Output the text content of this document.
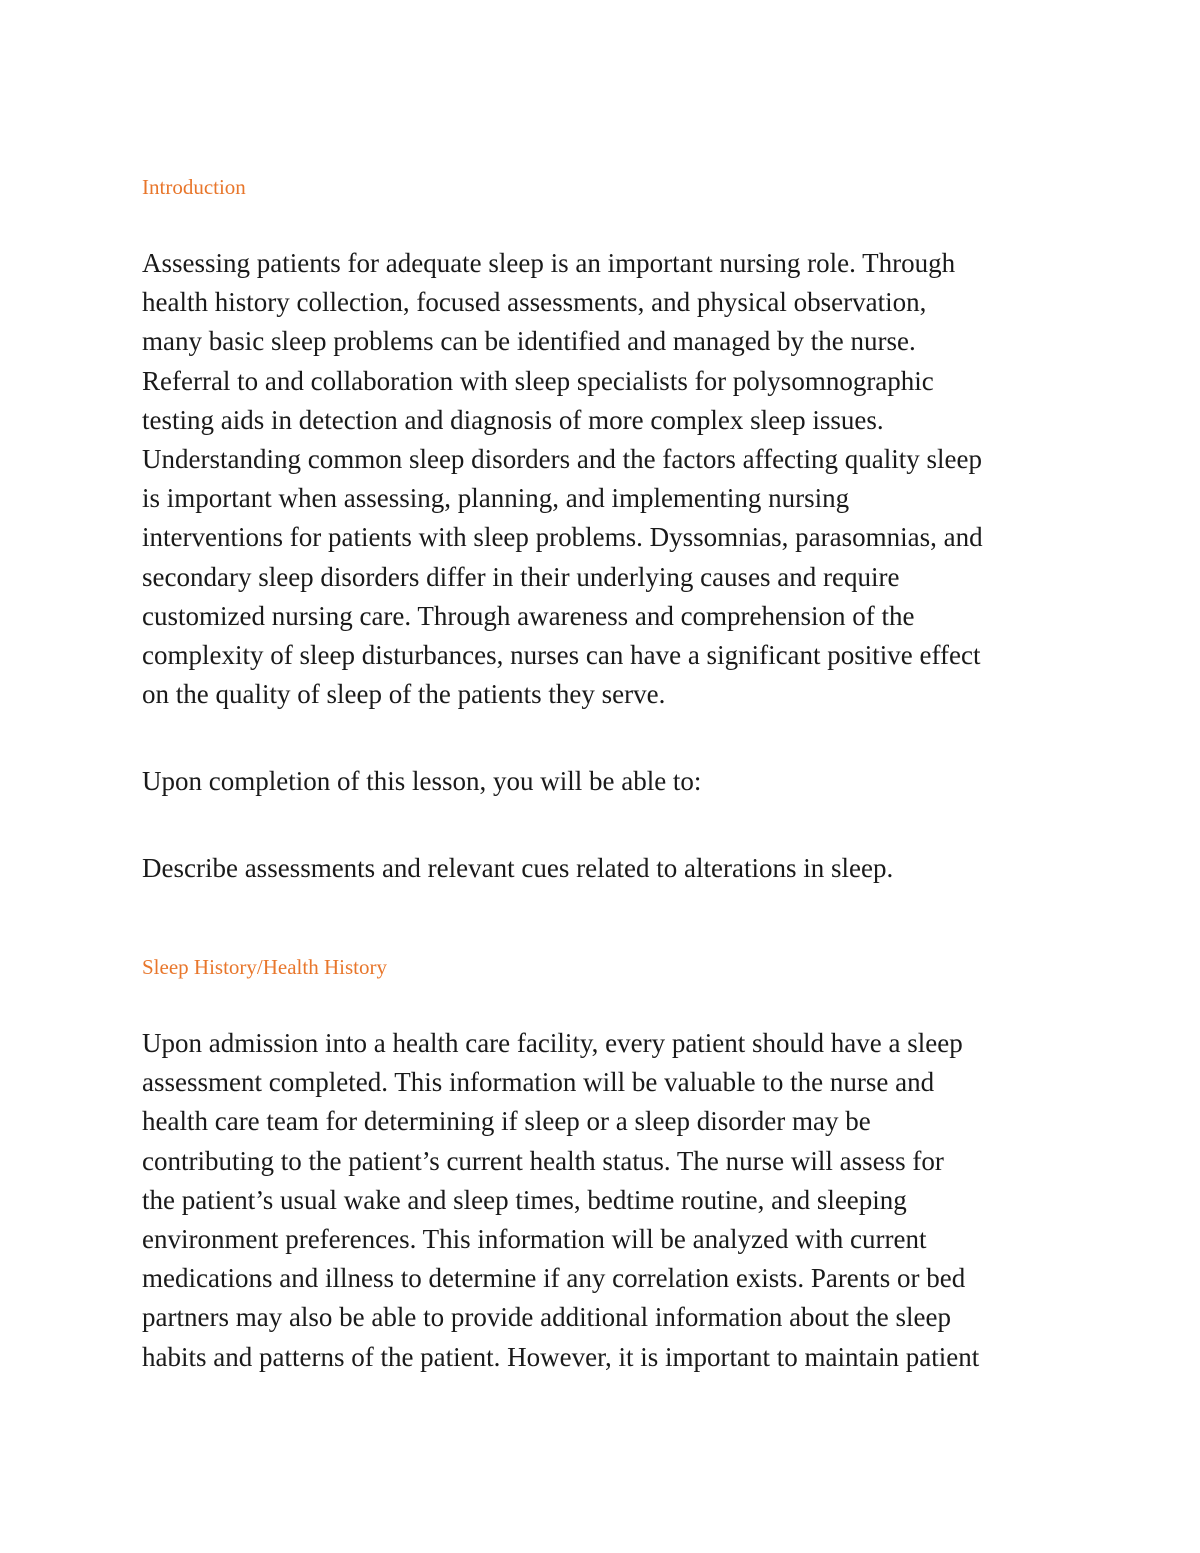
Introduction
Assessing patients for adequate sleep is an important nursing role. Through
health history collection, focused assessments, and physical observation,
many basic sleep problems can be identified and managed by the nurse.
Referral to and collaboration with sleep specialists for polysomnographic
testing aids in detection and diagnosis of more complex sleep issues.
Understanding common sleep disorders and the factors affecting quality sleep
is important when assessing, planning, and implementing nursing
interventions for patients with sleep problems. Dyssomnias, parasomnias, and
secondary sleep disorders differ in their underlying causes and require
customized nursing care. Through awareness and comprehension of the
complexity of sleep disturbances, nurses can have a significant positive effect
on the quality of sleep of the patients they serve.

Upon completion of this lesson, you will be able to:

Describe assessments and relevant cues related to alterations in sleep.

Sleep History/Health History
Upon admission into a health care facility, every patient should have a sleep
assessment completed. This information will be valuable to the nurse and
health care team for determining if sleep or a sleep disorder may be
contributing to the patient’s current health status. The nurse will assess for
the patient’s usual wake and sleep times, bedtime routine, and sleeping
environment preferences. This information will be analyzed with current
medications and illness to determine if any correlation exists. Parents or bed
partners may also be able to provide additional information about the sleep
habits and patterns of the patient. However, it is important to maintain patient
